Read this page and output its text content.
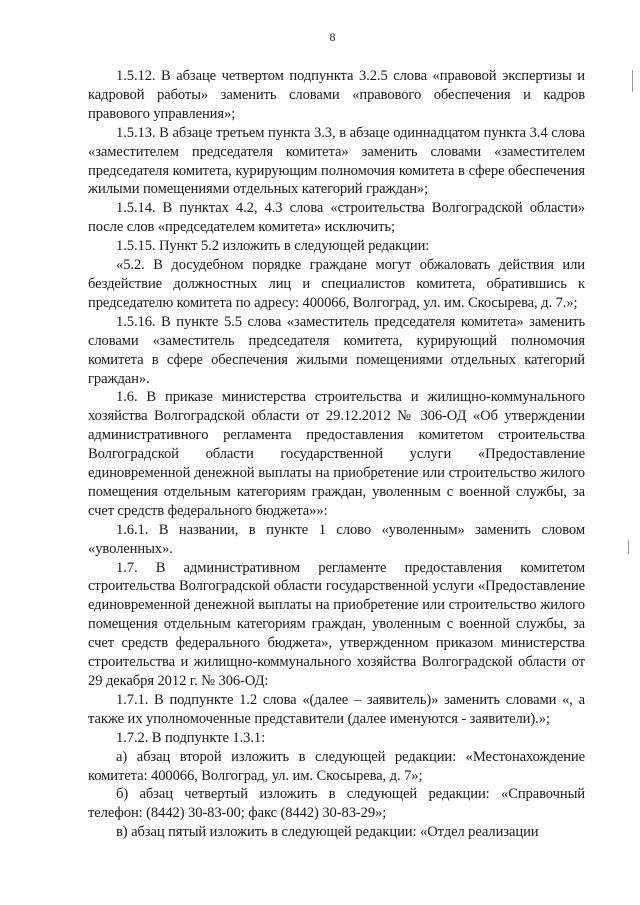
8

1.5.12. В абзаце четвертом подпункта 3.2.5 слова «правовой экспертизы и кадровой работы» заменить словами «правового обеспечения и кадров правового управления»;

1.5.13. В абзаце третьем пункта 3.3, в абзаце одиннадцатом пункта 3.4 слова «заместителем председателя комитета» заменить словами «заместителем председателя комитета, курирующим полномочия комитета в сфере обеспечения жилыми помещениями отдельных категорий граждан»;

1.5.14. В пунктах 4.2, 4.3 слова «строительства Волгоградской области» после слов «председателем комитета» исключить;

1.5.15. Пункт 5.2 изложить в следующей редакции:

«5.2. В досудебном порядке граждане могут обжаловать действия или бездействие должностных лиц и специалистов комитета, обратившись к председателю комитета по адресу: 400066, Волгоград, ул. им. Скосырева, д. 7.»;

1.5.16. В пункте 5.5 слова «заместитель председателя комитета» заменить словами «заместитель председателя комитета, курирующий полномочия комитета в сфере обеспечения жилыми помещениями отдельных категорий граждан».

1.6. В приказе министерства строительства и жилищно-коммунального хозяйства Волгоградской области от 29.12.2012 № 306-ОД «Об утверждении административного регламента предоставления комитетом строительства Волгоградской области государственной услуги «Предоставление единовременной денежной выплаты на приобретение или строительство жилого помещения отдельным категориям граждан, уволенным с военной службы, за счет средств федерального бюджета»»:

1.6.1. В названии, в пункте 1 слово «уволенным» заменить словом «уволенных».

1.7. В административном регламенте предоставления комитетом строительства Волгоградской области государственной услуги «Предоставление единовременной денежной выплаты на приобретение или строительство жилого помещения отдельным категориям граждан, уволенным с военной службы, за счет средств федерального бюджета», утвержденном приказом министерства строительства и жилищно-коммунального хозяйства Волгоградской области от 29 декабря 2012 г. № 306-ОД:

1.7.1. В подпункте 1.2 слова «(далее – заявитель)» заменить словами «, а также их уполномоченные представители (далее именуются - заявители).»;

1.7.2. В подпункте 1.3.1:

а) абзац второй изложить в следующей редакции: «Местонахождение комитета: 400066, Волгоград, ул. им. Скосырева, д. 7»;

б) абзац четвертый изложить в следующей редакции: «Справочный телефон: (8442) 30-83-00; факс (8442) 30-83-29»;

в) абзац пятый изложить в следующей редакции: «Отдел реализации
